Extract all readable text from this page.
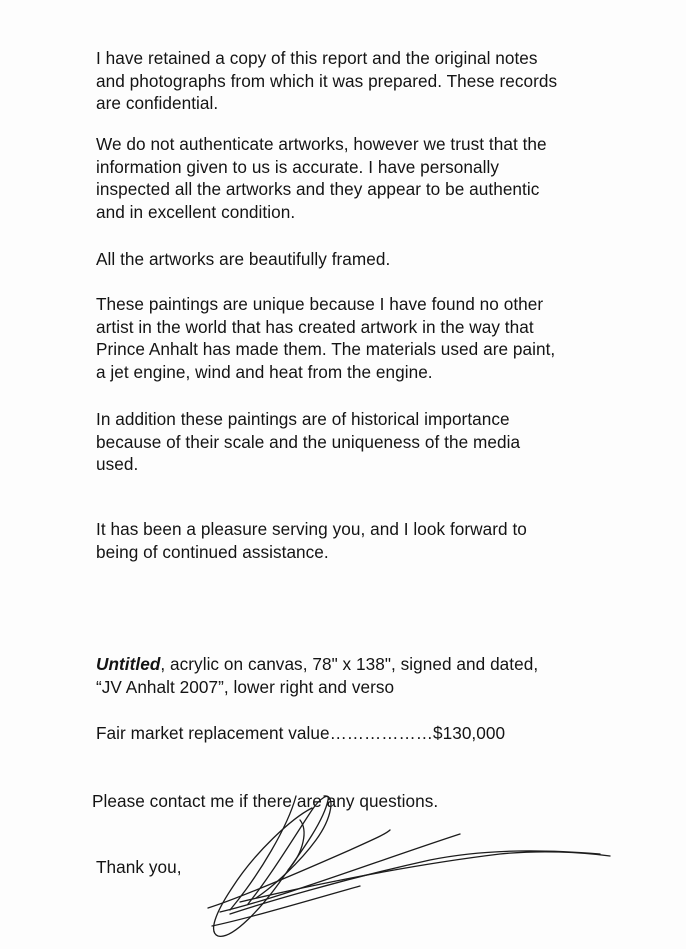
I have retained a copy of this report and the original notes
and photographs from which it was prepared. These records
are confidential.

We do not authenticate artworks, however we trust that the
information given to us is accurate. I have personally
inspected all the artworks and they appear to be authentic
and in excellent condition.

All the artworks are beautifully framed.

These paintings are unique because I have found no other
artist in the world that has created artwork in the way that
Prince Anhalt has made them. The materials used are paint,
a jet engine, wind and heat from the engine.

In addition these paintings are of historical importance
because of their scale and the uniqueness of the media
used.

It has been a pleasure serving you, and I look forward to
being of continued assistance.

Untitled, acrylic on canvas, 78" x 138", signed and dated,
“JV Anhalt 2007”, lower right and verso

Fair market replacement value………………$130,000

Please contact me if there are any questions.

Thank you,
